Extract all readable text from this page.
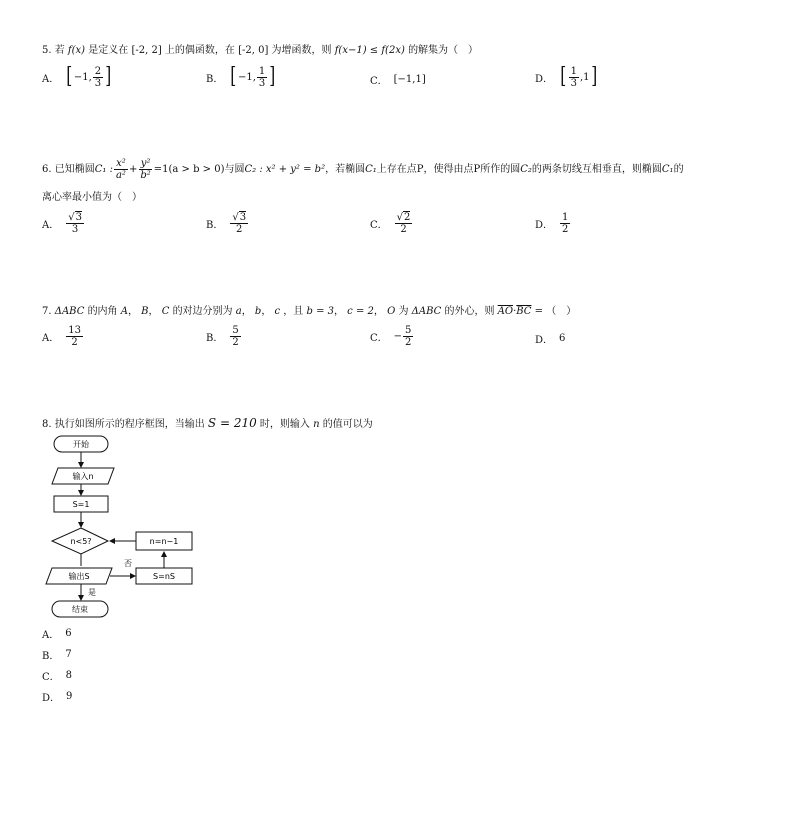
5. 若 f(x) 是定义在 [-2, 2] 上的偶函数，在 [-2, 0] 为增函数，则 f(x−1) ≤ f(2x) 的解集为（　）
A． [ −1, $\frac{2}{3}$ ]	B． [ −1, $\frac{1}{3}$ ]	C． [−1,1]	D． [ $\frac{1}{3} ,1$ ]
6.
已知椭圆 C₁ : $\frac{\text{x²}}{\text{a²}} + \frac{\text{y²}}{\text{b²}} =1(a > b > 0)$ 与圆 C₂ : x² + y² = b² ，若椭圆 C₁ 上存在点P，使得由点P所作的圆 C₂ 的两条切线互相垂直，则椭圆 C₁ 的
离心率最小值为（　）
A． $\frac{√3}{3}$	B． $\frac{√3}{2}$	C． $\frac{√2}{2}$	D． $\frac{1}{2}$
7. ΔABC 的内角 A， B， C 的对边分别为 a， b， c ，且 b = 3， c = 2， O 为 ΔABC 的外心，则 $\overline{AO}\cdot\overline{BC}$ = （　）
A． $\frac{13}{2}$	B． $\frac{5}{2}$	C． − $\frac{5}{2}$	D． 6
8. 执行如图所示的程序框图，当输出 S = 210 时，则输入 n 的值可以为
开始
输入n
S=1
n<5?	n=n−1
S=nS
否
输出S
是
结束
A． 6
B． 7
C． 8
D． 9
